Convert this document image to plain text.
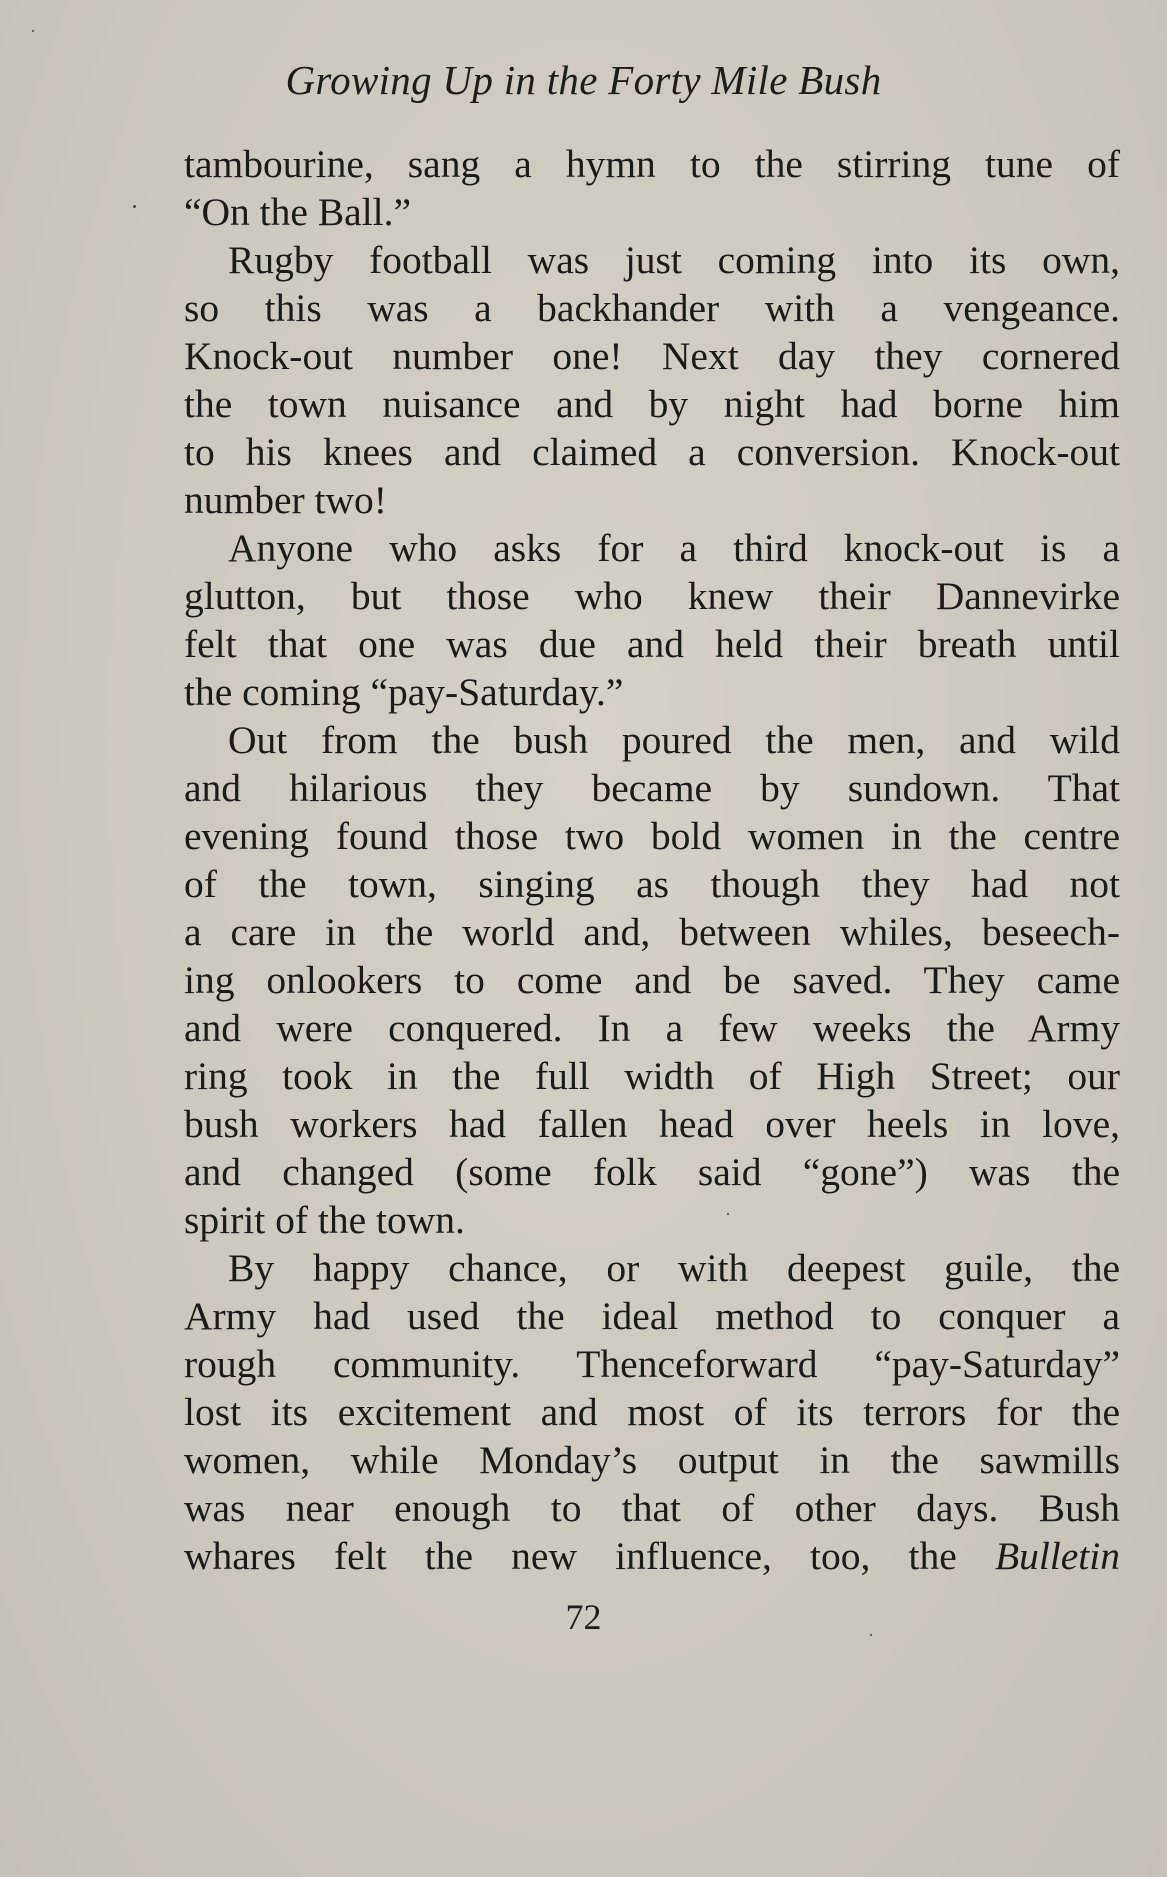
Growing Up in the Forty Mile Bush
tambourine, sang a hymn to the stirring tune of
“On the Ball.”
Rugby football was just coming into its own,
so this was a backhander with a vengeance.
Knock-out number one! Next day they cornered
the town nuisance and by night had borne him
to his knees and claimed a conversion. Knock-out
number two!
Anyone who asks for a third knock-out is a
glutton, but those who knew their Dannevirke
felt that one was due and held their breath until
the coming “pay-Saturday.”
Out from the bush poured the men, and wild
and hilarious they became by sundown. That
evening found those two bold women in the centre
of the town, singing as though they had not
a care in the world and, between whiles, beseech-
ing onlookers to come and be saved. They came
and were conquered. In a few weeks the Army
ring took in the full width of High Street; our
bush workers had fallen head over heels in love,
and changed (some folk said “gone”) was the
spirit of the town.
By happy chance, or with deepest guile, the
Army had used the ideal method to conquer a
rough community. Thenceforward “pay-Saturday”
lost its excitement and most of its terrors for the
women, while Monday’s output in the sawmills
was near enough to that of other days. Bush
whares felt the new influence, too, the Bulletin
72
